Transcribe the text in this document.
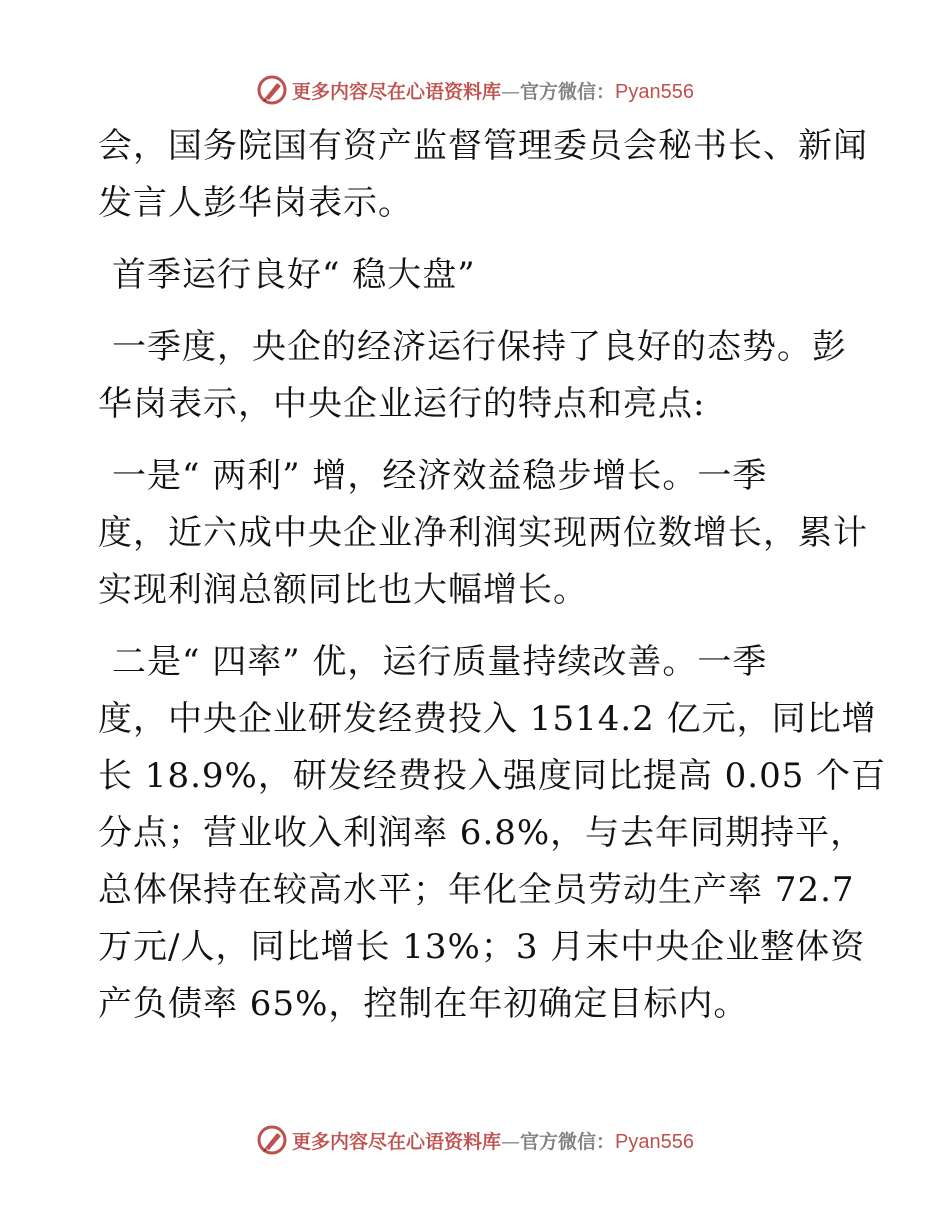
更多内容尽在心语资料库 — 官方微信： Pyan556
会，国务院国有资产监督管理委员会秘书长、新闻
发言人彭华岗表示。
首季运行良好“ 稳大盘”
一季度，央企的经济运行保持了良好的态势。彭
华岗表示，中央企业运行的特点和亮点:
一是“ 两利” 增，经济效益稳步增长。一季
度，近六成中央企业净利润实现两位数增长，累计
实现利润总额同比也大幅增长。
二是“ 四率” 优，运行质量持续改善。一季
度，中央企业研发经费投入 1514.2 亿元，同比增
长 18.9%，研发经费投入强度同比提高 0.05 个百
分点；营业收入利润率 6.8%，与去年同期持平，
总体保持在较高水平；年化全员劳动生产率 72.7
万元/人，同比增长 13%；3 月末中央企业整体资
产负债率 65%，控制在年初确定目标内。
更多内容尽在心语资料库 — 官方微信： Pyan556
